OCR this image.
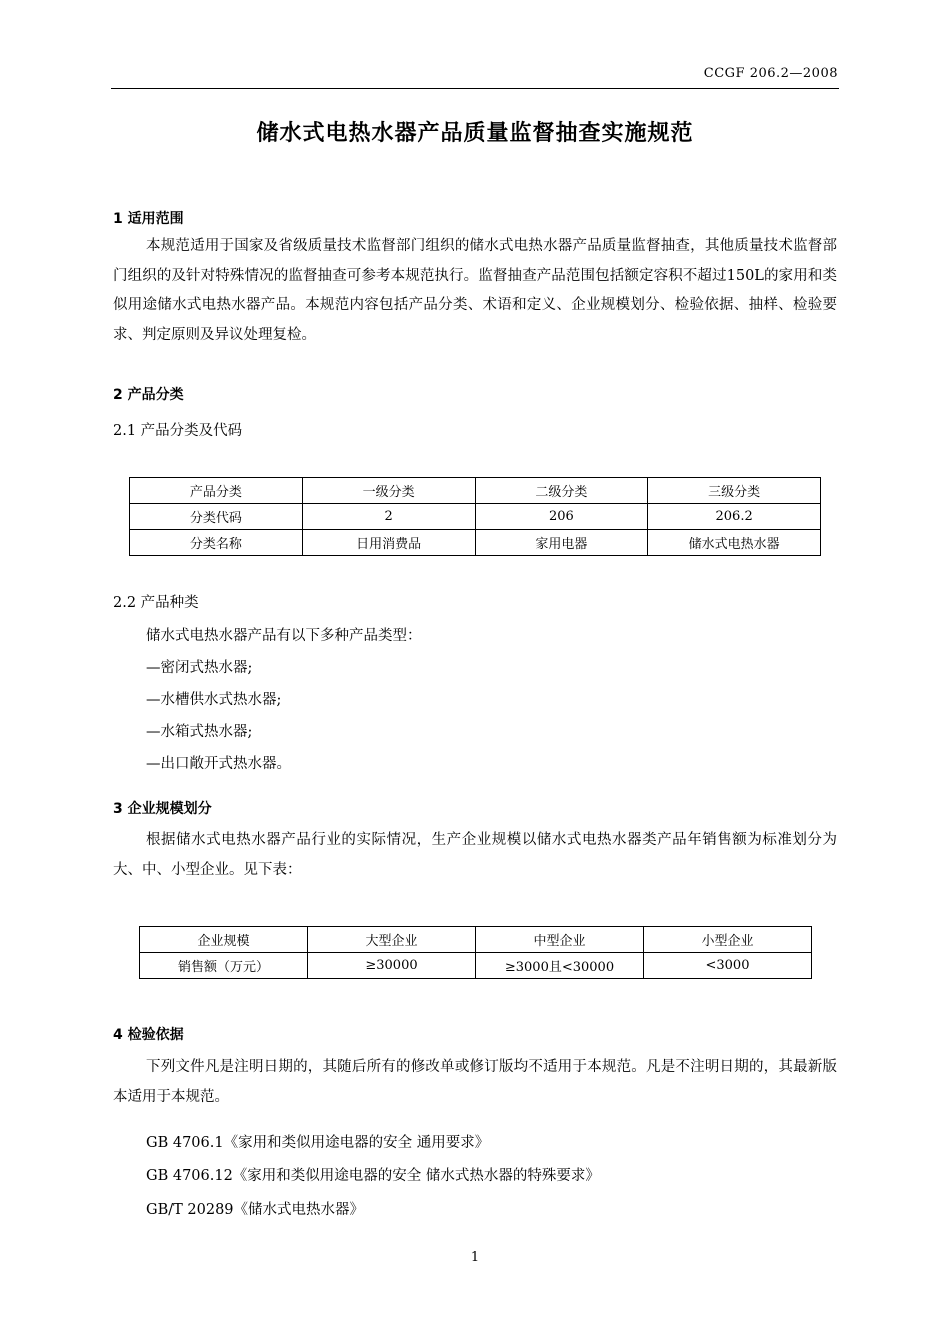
CCGF 206.2—2008
储水式电热水器产品质量监督抽查实施规范
1 适用范围
本规范适用于国家及省级质量技术监督部门组织的储水式电热水器产品质量监督抽查，其他质量技术监督部门组织的及针对特殊情况的监督抽查可参考本规范执行。监督抽查产品范围包括额定容积不超过150L的家用和类似用途储水式电热水器产品。本规范内容包括产品分类、术语和定义、企业规模划分、检验依据、抽样、检验要求、判定原则及异议处理复检。
2 产品分类
2.1 产品分类及代码
产品分类	一级分类	二级分类	三级分类
分类代码	2	206	206.2
分类名称	日用消费品	家用电器	储水式电热水器
2.2 产品种类
储水式电热水器产品有以下多种产品类型：
—密闭式热水器;
—水槽供水式热水器;
—水箱式热水器;
—出口敞开式热水器。
3 企业规模划分
根据储水式电热水器产品行业的实际情况，生产企业规模以储水式电热水器类产品年销售额为标准划分为大、中、小型企业。见下表：
企业规模	大型企业	中型企业	小型企业
销售额（万元）	≥30000	≥3000且<30000	<3000
4 检验依据
下列文件凡是注明日期的，其随后所有的修改单或修订版均不适用于本规范。凡是不注明日期的，其最新版本适用于本规范。
GB 4706.1《家用和类似用途电器的安全 通用要求》
GB 4706.12《家用和类似用途电器的安全 储水式热水器的特殊要求》
GB/T 20289《储水式电热水器》
1
